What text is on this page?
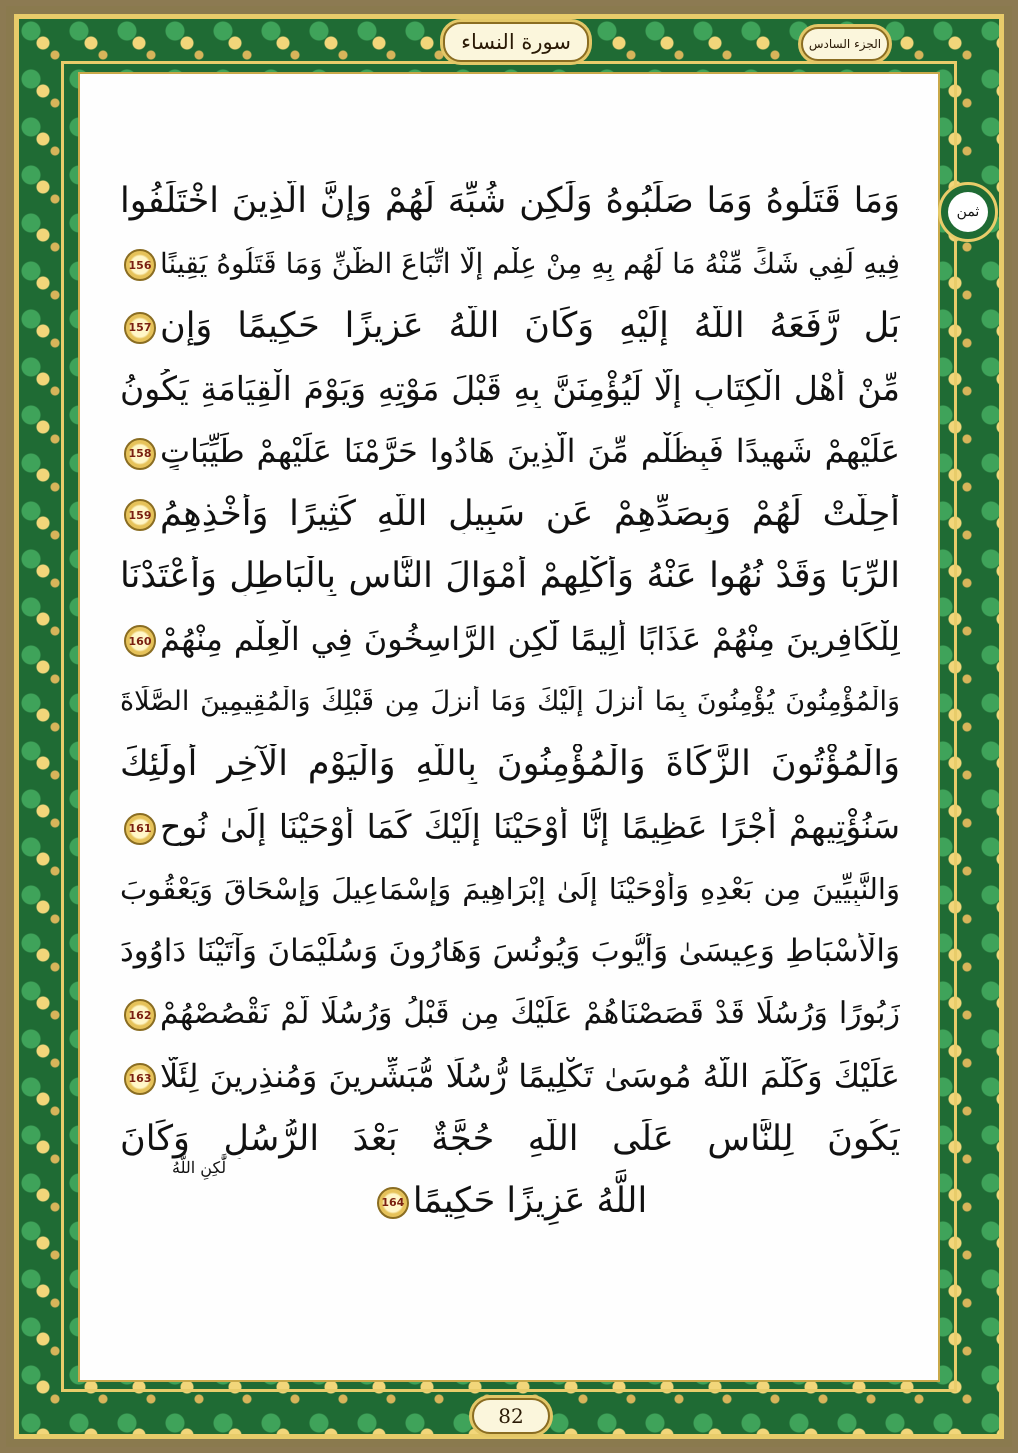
الجزء السادس
سورة النساء
ثمن
وَمَا قَتَلُوهُ وَمَا صَلَبُوهُ وَلَٰكِن شُبِّهَ لَهُمْ وَإِنَّ الَّذِينَ اخْتَلَفُوا
فِيهِ لَفِي شَكٍّ مِّنْهُ مَا لَهُم بِهِ مِنْ عِلْمٍ إِلَّا اتِّبَاعَ الظَّنِّ وَمَا قَتَلُوهُ يَقِينًا156
بَل رَّفَعَهُ اللَّهُ إِلَيْهِ وَكَانَ اللَّهُ عَزِيزًا حَكِيمًا وَإِن157
مِّنْ أَهْلِ الْكِتَابِ إِلَّا لَيُؤْمِنَنَّ بِهِ قَبْلَ مَوْتِهِ وَيَوْمَ الْقِيَامَةِ يَكُونُ
عَلَيْهِمْ شَهِيدًا فَبِظُلْمٍ مِّنَ الَّذِينَ هَادُوا حَرَّمْنَا عَلَيْهِمْ طَيِّبَاتٍ158
أُحِلَّتْ لَهُمْ وَبِصَدِّهِمْ عَن سَبِيلِ اللَّهِ كَثِيرًا وَأَخْذِهِمُ159
الرِّبَا وَقَدْ نُهُوا عَنْهُ وَأَكْلِهِمْ أَمْوَالَ النَّاسِ بِالْبَاطِلِ وَأَعْتَدْنَا
لِلْكَافِرِينَ مِنْهُمْ عَذَابًا أَلِيمًا لَّٰكِنِ الرَّاسِخُونَ فِي الْعِلْمِ مِنْهُمْ160
وَالْمُؤْمِنُونَ يُؤْمِنُونَ بِمَا أُنزِلَ إِلَيْكَ وَمَا أُنزِلَ مِن قَبْلِكَ وَالْمُقِيمِينَ الصَّلَاةَ
وَالْمُؤْتُونَ الزَّكَاةَ وَالْمُؤْمِنُونَ بِاللَّهِ وَالْيَوْمِ الْآخِرِ أُولَٰئِكَ
سَنُؤْتِيهِمْ أَجْرًا عَظِيمًا إِنَّا أَوْحَيْنَا إِلَيْكَ كَمَا أَوْحَيْنَا إِلَىٰ نُوحٍ161
وَالنَّبِيِّينَ مِن بَعْدِهِ وَأَوْحَيْنَا إِلَىٰ إِبْرَاهِيمَ وَإِسْمَاعِيلَ وَإِسْحَاقَ وَيَعْقُوبَ
وَالْأَسْبَاطِ وَعِيسَىٰ وَأَيُّوبَ وَيُونُسَ وَهَارُونَ وَسُلَيْمَانَ وَآتَيْنَا دَاوُودَ
زَبُورًا وَرُسُلًا قَدْ قَصَصْنَاهُمْ عَلَيْكَ مِن قَبْلُ وَرُسُلًا لَّمْ نَقْصُصْهُمْ162
عَلَيْكَ وَكَلَّمَ اللَّهُ مُوسَىٰ تَكْلِيمًا رُّسُلًا مُّبَشِّرِينَ وَمُنذِرِينَ لِئَلَّا163
يَكُونَ لِلنَّاسِ عَلَى اللَّهِ حُجَّةٌ بَعْدَ الرُّسُلِ وَكَانَ
اللَّهُ عَزِيزًا حَكِيمًا164
لَّٰكِنِ اللَّهُ
82
